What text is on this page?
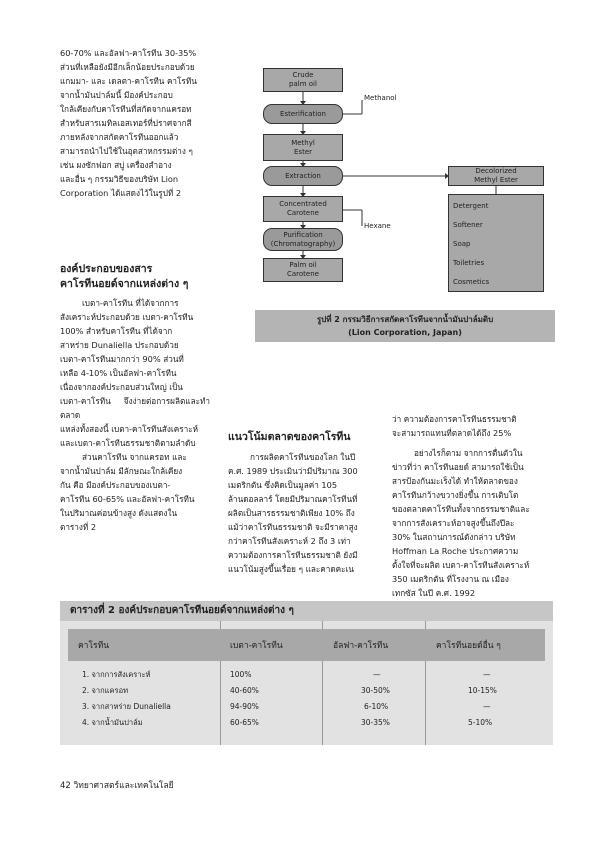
60-70% และอัลฟา-คาโรทีน 30-35%

ส่วนที่เหลือยังมีอีกเล็กน้อยประกอบด้วย

แกมมา- และ เดลตา-คาโรทีน คาโรทีน

จากน้ำมันปาล์มนี้ มีองค์ประกอบ

ใกล้เคียงกับคาโรทีนที่สกัดจากแครอท

สำหรับสารเมทิลเอสเทอร์ที่ปราศจากสี

ภายหลังจากสกัดคาโรทีนออกแล้ว

สามารถนำไปใช้ในอุตสาหกรรมต่าง ๆ

เช่น ผงซักฟอก สบู่ เครื่องสำอาง

และอื่น ๆ กรรมวิธีของบริษัท Lion

Corporation ได้แสดงไว้ในรูปที่ 2

องค์ประกอบของสาร
คาโรทีนอยด์จากแหล่งต่าง ๆ

เบตา-คาโรทีน ที่ได้จากการ

สังเคราะห์ประกอบด้วย เบตา-คาโรทีน

100% สำหรับคาโรทีน ที่ได้จาก

สาหร่าย Dunaliella ประกอบด้วย

เบตา-คาโรทีนมากกว่า 90% ส่วนที่

เหลือ 4-10% เป็นอัลฟา-คาโรทีน

เนื่องจากองค์ประกอบส่วนใหญ่ เป็น

เบตา-คาโรทีน จึงง่ายต่อการผลิตและทำตลาด

แหล่งทั้งสองนี้ เบตา-คาโรทีนสังเคราะห์

และเบตา-คาโรทีนธรรมชาติตามลำดับ

ส่วนคาโรทีน จากแครอท และ

จากน้ำมันปาล์ม มีลักษณะใกล้เคียง

กัน คือ มีองค์ประกอบของเบตา-

คาโรทีน 60-65% และอัลฟา-คาโรทีน

ในปริมาณค่อนข้างสูง ดังแสดงใน

ตารางที่ 2

Crude
palm oil
Esterification
Methanol
Methyl
Ester
Extraction
Decolorized
Methyl Ester
Detergent
Softener
Soap
Toiletries
Cosmetics
Concentrated
Carotene
Hexane
Purification
(Chromatography)
Palm oil
Carotene
รูปที่ 2 กรรมวิธีการสกัดคาโรทีนจากน้ำมันปาล์มดิบ
(Lion Corporation, Japan)
แนวโน้มตลาดของคาโรทีน

การผลิตคาโรทีนของโลก ในปี

ค.ศ. 1989 ประเมินว่ามีปริมาณ 300

เมตริกตัน ซึ่งคิดเป็นมูลค่า 105

ล้านดอลลาร์ โดยมีปริมาณคาโรทีนที่

ผลิตเป็นสารธรรมชาติเพียง 10% ถึง

แม้ว่าคาโรทีนธรรมชาติ จะมีราคาสูง

กว่าคาโรทีนสังเคราะห์ 2 ถึง 3 เท่า

ความต้องการคาโรทีนธรรมชาติ ยังมี

แนวโน้มสูงขึ้นเรื่อย ๆ และคาดคะเน

ว่า ความต้องการคาโรทีนธรรมชาติ

จะสามารถแทนที่ตลาดได้ถึง 25%

อย่างไรก็ตาม จากการตื่นตัวใน

ข่าวที่ว่า คาโรทีนอยด์ สามารถใช้เป็น

สารป้องกันมะเร็งได้ ทำให้ตลาดของ

คาโรทีนกว้างขวางยิ่งขึ้น การเติบโต

ของตลาดคาโรทีนทั้งจากธรรมชาติและ

จากการสังเคราะห์อาจสูงขึ้นถึงปีละ

30% ในสถานการณ์ดังกล่าว บริษัท

Hoffman La Roche ประกาศความ

ตั้งใจที่จะผลิต เบตา-คาโรทีนสังเคราะห์

350 เมตริกตัน ที่โรงงาน ณ เมือง

เทกซัส ในปี ค.ศ. 1992

ตารางที่ 2 องค์ประกอบคาโรทีนอยด์จากแหล่งต่าง ๆ
คาโรทีน	เบตา-คาโรทีน	อัลฟา-คาโรทีน	คาโรทีนอยด์อื่น ๆ
1. จากการสังเคราะห์	100%	—	—
2. จากแครอท	40-60%	30-50%	10-15%
3. จากสาหร่าย Dunaliella	94-90%	6-10%	—
4. จากน้ำมันปาล์ม	60-65%	30-35%	5-10%
42 วิทยาศาสตร์และเทคโนโลยี
